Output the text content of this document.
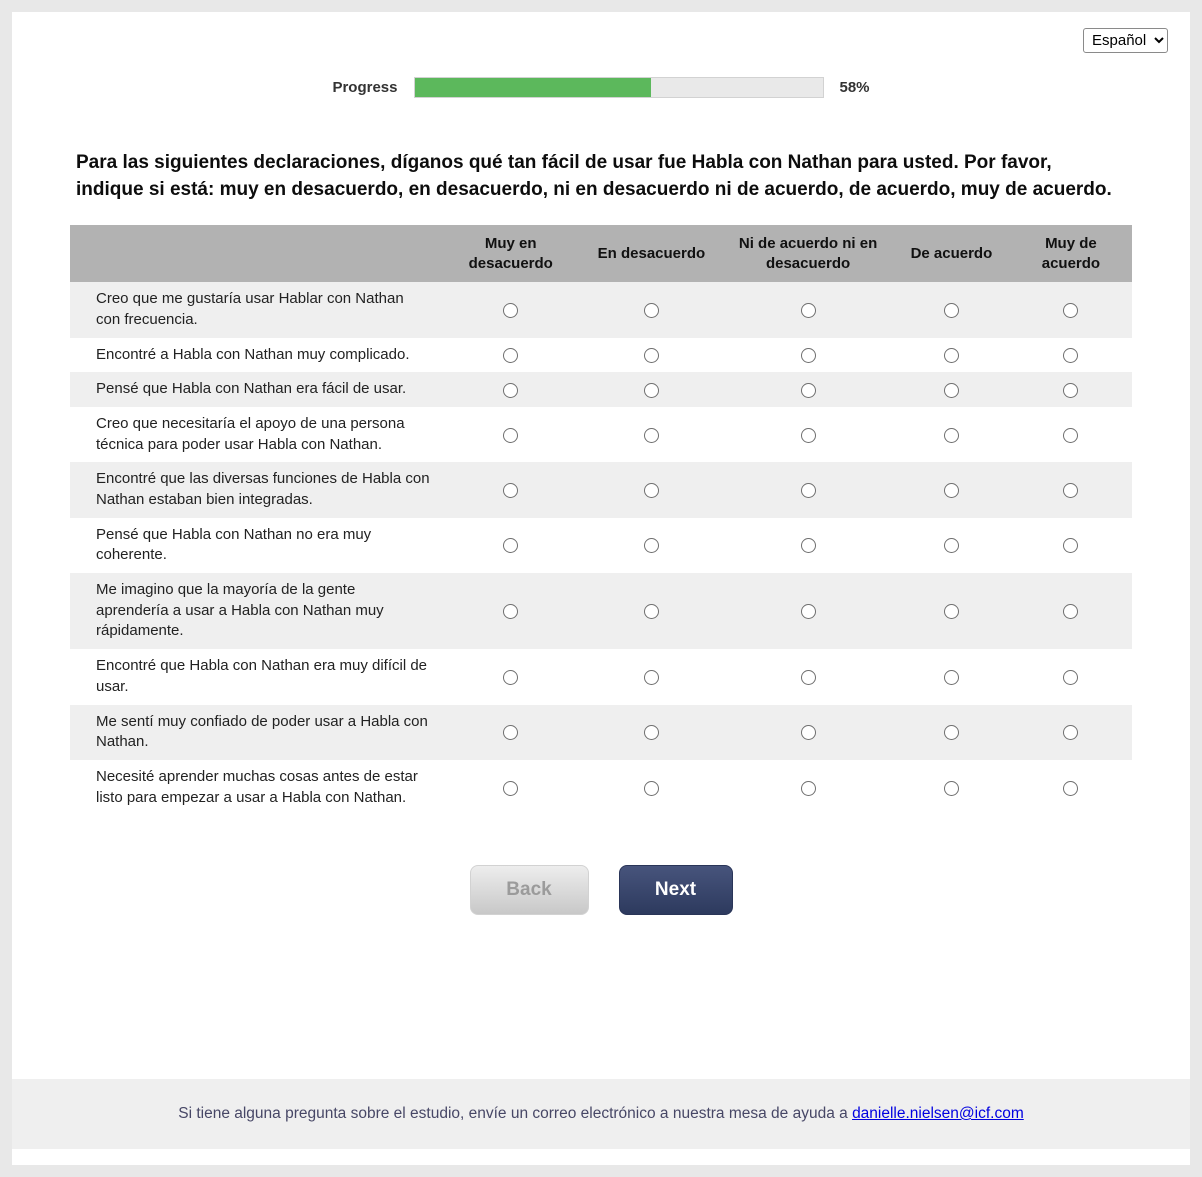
Español
Progress	58%
Para las siguientes declaraciones, díganos qué tan fácil de usar fue Habla con Nathan para usted. Por favor, indique si está: muy en desacuerdo, en desacuerdo, ni en desacuerdo ni de acuerdo, de acuerdo, muy de acuerdo.
	Muy en desacuerdo	En desacuerdo	Ni de acuerdo ni en desacuerdo	De acuerdo	Muy de acuerdo
Creo que me gustaría usar Hablar con Nathan con frecuencia.					
Encontré a Habla con Nathan muy complicado.					
Pensé que Habla con Nathan era fácil de usar.					
Creo que necesitaría el apoyo de una persona técnica para poder usar Habla con Nathan.					
Encontré que las diversas funciones de Habla con Nathan estaban bien integradas.					
Pensé que Habla con Nathan no era muy coherente.					
Me imagino que la mayoría de la gente aprendería a usar a Habla con Nathan muy rápidamente.					
Encontré que Habla con Nathan era muy difícil de usar.					
Me sentí muy confiado de poder usar a Habla con Nathan.					
Necesité aprender muchas cosas antes de estar listo para empezar a usar a Habla con Nathan.					
Back	Next
Si tiene alguna pregunta sobre el estudio, envíe un correo electrónico a nuestra mesa de ayuda a danielle.nielsen@icf.com
